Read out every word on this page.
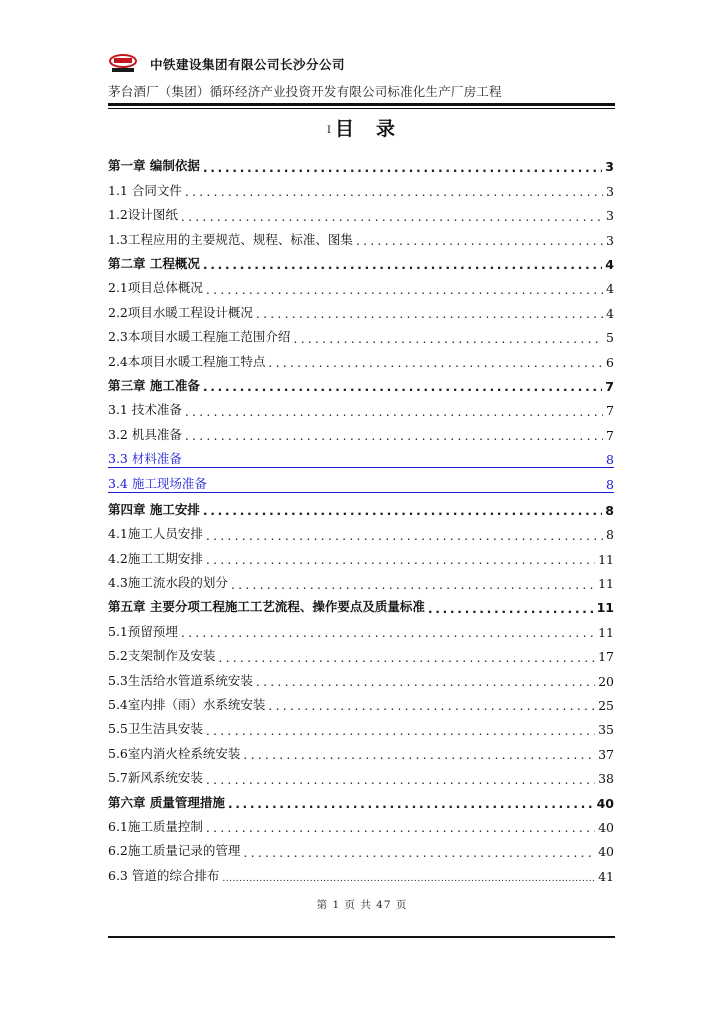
中铁建设集团有限公司长沙分公司
茅台酒厂（集团）循环经济产业投资开发有限公司标准化生产厂房工程
I 目 录
第一章 编制依据 .....	3
1.1 合同文件 .....	3
1.2设计图纸 .....	3
1.3工程应用的主要规范、规程、标准、图集 .....	3
第二章 工程概况 .....	4
2.1项目总体概况 .....	4
2.2项目水暖工程设计概况 .....	4
2.3本项目水暖工程施工范围介绍 .....	5
2.4本项目水暖工程施工特点 .....	6
第三章 施工准备 .....	7
3.1 技术准备 .....	7
3.2 机具准备 .....	7
3.3 材料准备	8
3.4 施工现场准备	8
第四章 施工安排 .....	8
4.1施工人员安排 .....	8
4.2施工工期安排 .....	11
4.3施工流水段的划分 .....	11
第五章 主要分项工程施工工艺流程、操作要点及质量标准 .....	11
5.1预留预埋 .....	11
5.2支架制作及安装 .....	17
5.3生活给水管道系统安装 .....	20
5.4室内排（雨）水系统安装 .....	25
5.5卫生洁具安装 .....	35
5.6室内消火栓系统安装 .....	37
5.7新风系统安装 .....	38
第六章 质量管理措施 .....	40
6.1施工质量控制 .....	40
6.2施工质量记录的管理 .....	40
6.3 管道的综合排布 .....	41
第 1 页 共 47 页
